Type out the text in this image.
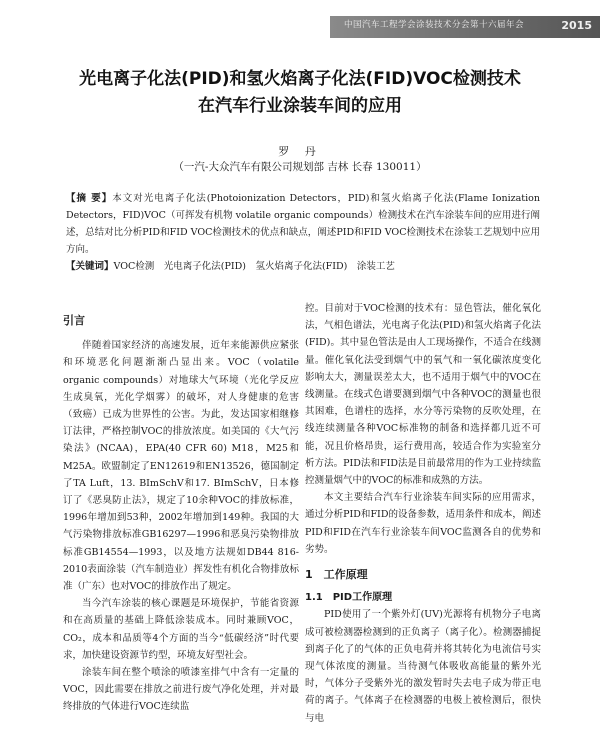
中国汽车工程学会涂装技术分会第十六届年会	2015
光电离子化法(PID)和氢火焰离子化法(FID)VOC检测技术
在汽车行业涂装车间的应用
罗 丹
（一汽-大众汽车有限公司规划部 吉林 长春 130011）

【摘 要】本文对光电离子化法(Photoionization Detectors，PID)和氢火焰离子化法(Flame Ionization Detectors，FID)VOC（可挥发有机物 volatile organic compounds）检测技术在汽车涂装车间的应用进行阐述，总结对比分析PID和FID VOC检测技术的优点和缺点，阐述PID和FID VOC检测技术在涂装工艺规划中应用方向。

【关键词】VOC检测　光电离子化法(PID)　氢火焰离子化法(FID)　涂装工艺

引言

伴随着国家经济的高速发展，近年来能源供应紧张和环境恶化问题渐渐凸显出来。VOC（volatile organic compounds）对地球大气环境（光化学反应生成臭氧，光化学烟雾）的破坏，对人身健康的危害（致癌）已成为世界性的公害。为此，发达国家相继修订法律，严格控制VOC的排放浓度。如美国的《大气污染法》(NCAA)，EPA(40 CFR 60) M18，M25和M25A。欧盟制定了EN12619和EN13526，德国制定了TA Luft，13. BImSchV和17. BImSchV，日本修订了《恶臭防止法》，规定了10余种VOC的排放标准，1996年增加到53种，2002年增加到149种。我国的大气污染物排放标准GB16297—1996和恶臭污染物排放标准GB14554—1993，以及地方法规如DB44 816-2010表面涂装（汽车制造业）挥发性有机化合物排放标准（广东）也对VOC的排放作出了规定。

当今汽车涂装的核心课题是环境保护，节能省资源和在高质量的基础上降低涂装成本。同时兼顾VOC，CO₂，成本和品质等4个方面的当今“低碳经济”时代要求，加快建设资源节约型，环境友好型社会。

涂装车间在整个喷涂的喷漆室排气中含有一定量的VOC，因此需要在排放之前进行废气净化处理，并对最终排放的气体进行VOC连续监

控。目前对于VOC检测的技术有：显色管法，催化氧化法，气相色谱法，光电离子化法(PID)和氢火焰离子化法(FID)。其中显色管法是由人工现场操作，不适合在线测量。催化氧化法受到烟气中的氧气和一氧化碳浓度变化影响太大，测量误差太大，也不适用于烟气中的VOC在线测量。在线式色谱要测到烟气中各种VOC的测量也很其困难，色谱柱的选择，水分等污染物的反吹处理，在线连续测量各种VOC标准物的制备和选择都几近不可能，况且价格昂贵，运行费用高，较适合作为实验室分析方法。PID法和FID法是目前最常用的作为工业持续监控测量烟气中的VOC的标准和成熟的方法。

本文主要结合汽车行业涂装车间实际的应用需求，通过分析PID和FID的设备参数，适用条件和成本，阐述PID和FID在汽车行业涂装车间VOC监测各自的优势和劣势。

1　工作原理
1.1　PID工作原理

PID使用了一个紫外灯(UV)光源将有机物分子电离成可被检测器检测到的正负离子（离子化）。检测器捕捉到离子化了的气体的正负电荷并将其转化为电流信号实现气体浓度的测量。当待测气体吸收高能量的紫外光时，气体分子受紫外光的激发暂时失去电子成为带正电荷的离子。气体离子在检测器的电极上被检测后，很快与电
